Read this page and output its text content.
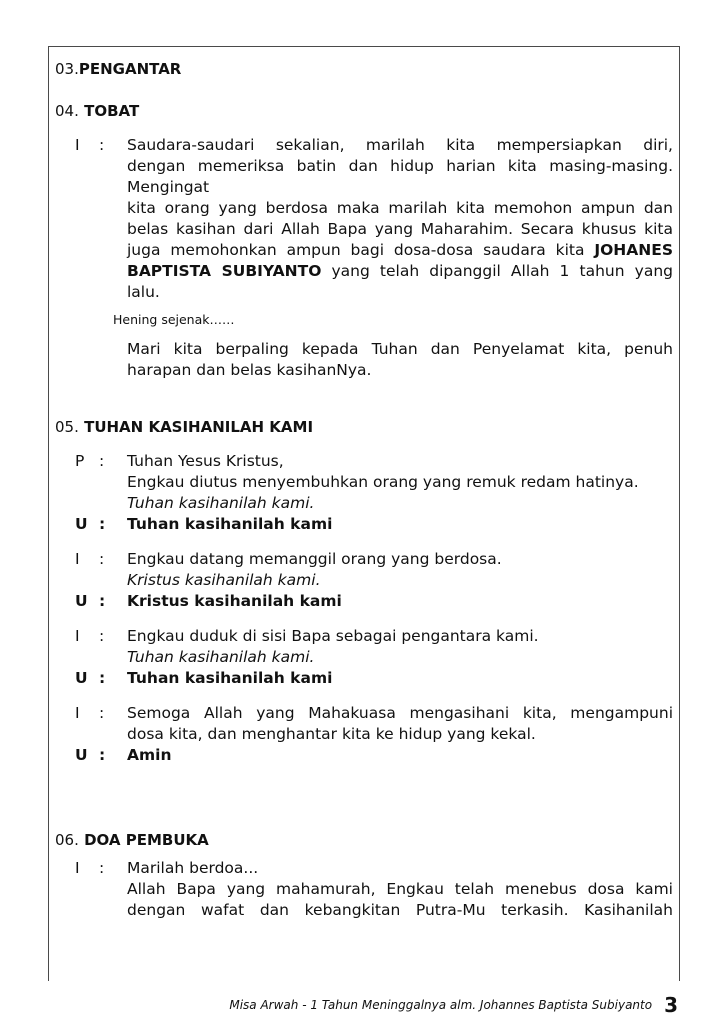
03.PENGANTAR
04. TOBAT
I	:	Saudara-saudari sekalian, marilah kita mempersiapkan diri,
dengan memeriksa batin dan hidup harian kita masing-masing.
Mengingat
kita orang yang berdosa maka marilah kita memohon ampun dan
belas kasihan dari Allah Bapa yang Maharahim. Secara khusus kita
juga memohonkan ampun bagi dosa-dosa saudara kita JOHANES
BAPTISTA SUBIYANTO yang telah dipanggil Allah 1 tahun yang
lalu.
Hening sejenak……
Mari kita berpaling kepada Tuhan dan Penyelamat kita, penuh
harapan dan belas kasihanNya.
05. TUHAN KASIHANILAH KAMI
P :	Tuhan Yesus Kristus,
Engkau diutus menyembuhkan orang yang remuk redam hatinya.
Tuhan kasihanilah kami.
U :	Tuhan kasihanilah kami
I	:	Engkau datang memanggil orang yang berdosa.
Kristus kasihanilah kami.
U :	Kristus kasihanilah kami
I	:	Engkau duduk di sisi Bapa sebagai pengantara kami.
Tuhan kasihanilah kami.
U :	Tuhan kasihanilah kami
I	:	Semoga Allah yang Mahakuasa mengasihani kita, mengampuni
dosa kita, dan menghantar kita ke hidup yang kekal.
U :	Amin
06. DOA PEMBUKA
I	:	Marilah berdoa...
Allah Bapa yang mahamurah, Engkau telah menebus dosa kami
dengan wafat dan kebangkitan Putra-Mu terkasih. Kasihanilah
Misa Arwah - 1 Tahun Meninggalnya alm. Johannes Baptista Subiyanto 3
